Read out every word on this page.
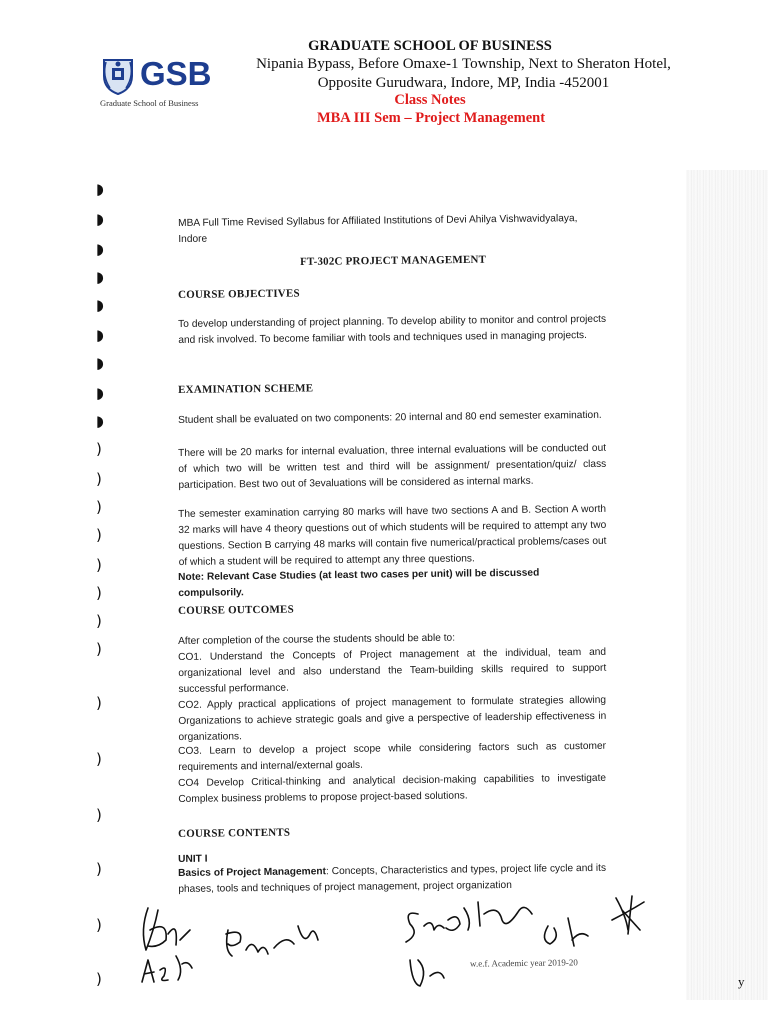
GSB
Graduate School of Business
GRADUATE SCHOOL OF BUSINESS
Nipania Bypass, Before Omaxe-1 Township, Next to Sheraton Hotel,
Opposite Gurudwara, Indore, MP, India -452001
Class Notes
MBA III Sem – Project Management
◗
◗
◗
◗
◗
◗
◗
◗
◗
)
)
)
)
)
)
)
)
)
)
)
)
)
)
MBA Full Time Revised Syllabus for Affiliated Institutions of Devi Ahilya Vishwavidyalaya, Indore
FT-302C PROJECT MANAGEMENT
COURSE OBJECTIVES
To develop understanding of project planning. To develop ability to monitor and control projects and risk involved. To become familiar with tools and techniques used in managing projects.
EXAMINATION SCHEME
Student shall be evaluated on two components: 20 internal and 80 end semester examination.
There will be 20 marks for internal evaluation, three internal evaluations will be conducted out of which two will be written test and third will be assignment/ presentation/quiz/ class participation. Best two out of 3evaluations will be considered as internal marks.
The semester examination carrying 80 marks will have two sections A and B. Section A worth 32 marks will have 4 theory questions out of which students will be required to attempt any two questions. Section B carrying 48 marks will contain five numerical/practical problems/cases out of which a student will be required to attempt any three questions.
Note: Relevant Case Studies (at least two cases per unit) will be discussed compulsorily.
COURSE OUTCOMES
After completion of the course the students should be able to:
CO1. Understand the Concepts of Project management at the individual, team and organizational level and also understand the Team-building skills required to support successful performance.
CO2. Apply practical applications of project management to formulate strategies allowing Organizations to achieve strategic goals and give a perspective of leadership effectiveness in organizations.
CO3. Learn to develop a project scope while considering factors such as customer requirements and internal/external goals.
CO4 Develop Critical-thinking and analytical decision-making capabilities to investigate Complex business problems to propose project-based solutions.
COURSE CONTENTS
UNIT I
Basics of Project Management: Concepts, Characteristics and types, project life cycle and its phases, tools and techniques of project management, project organization
w.e.f. Academic year 2019-20
y
